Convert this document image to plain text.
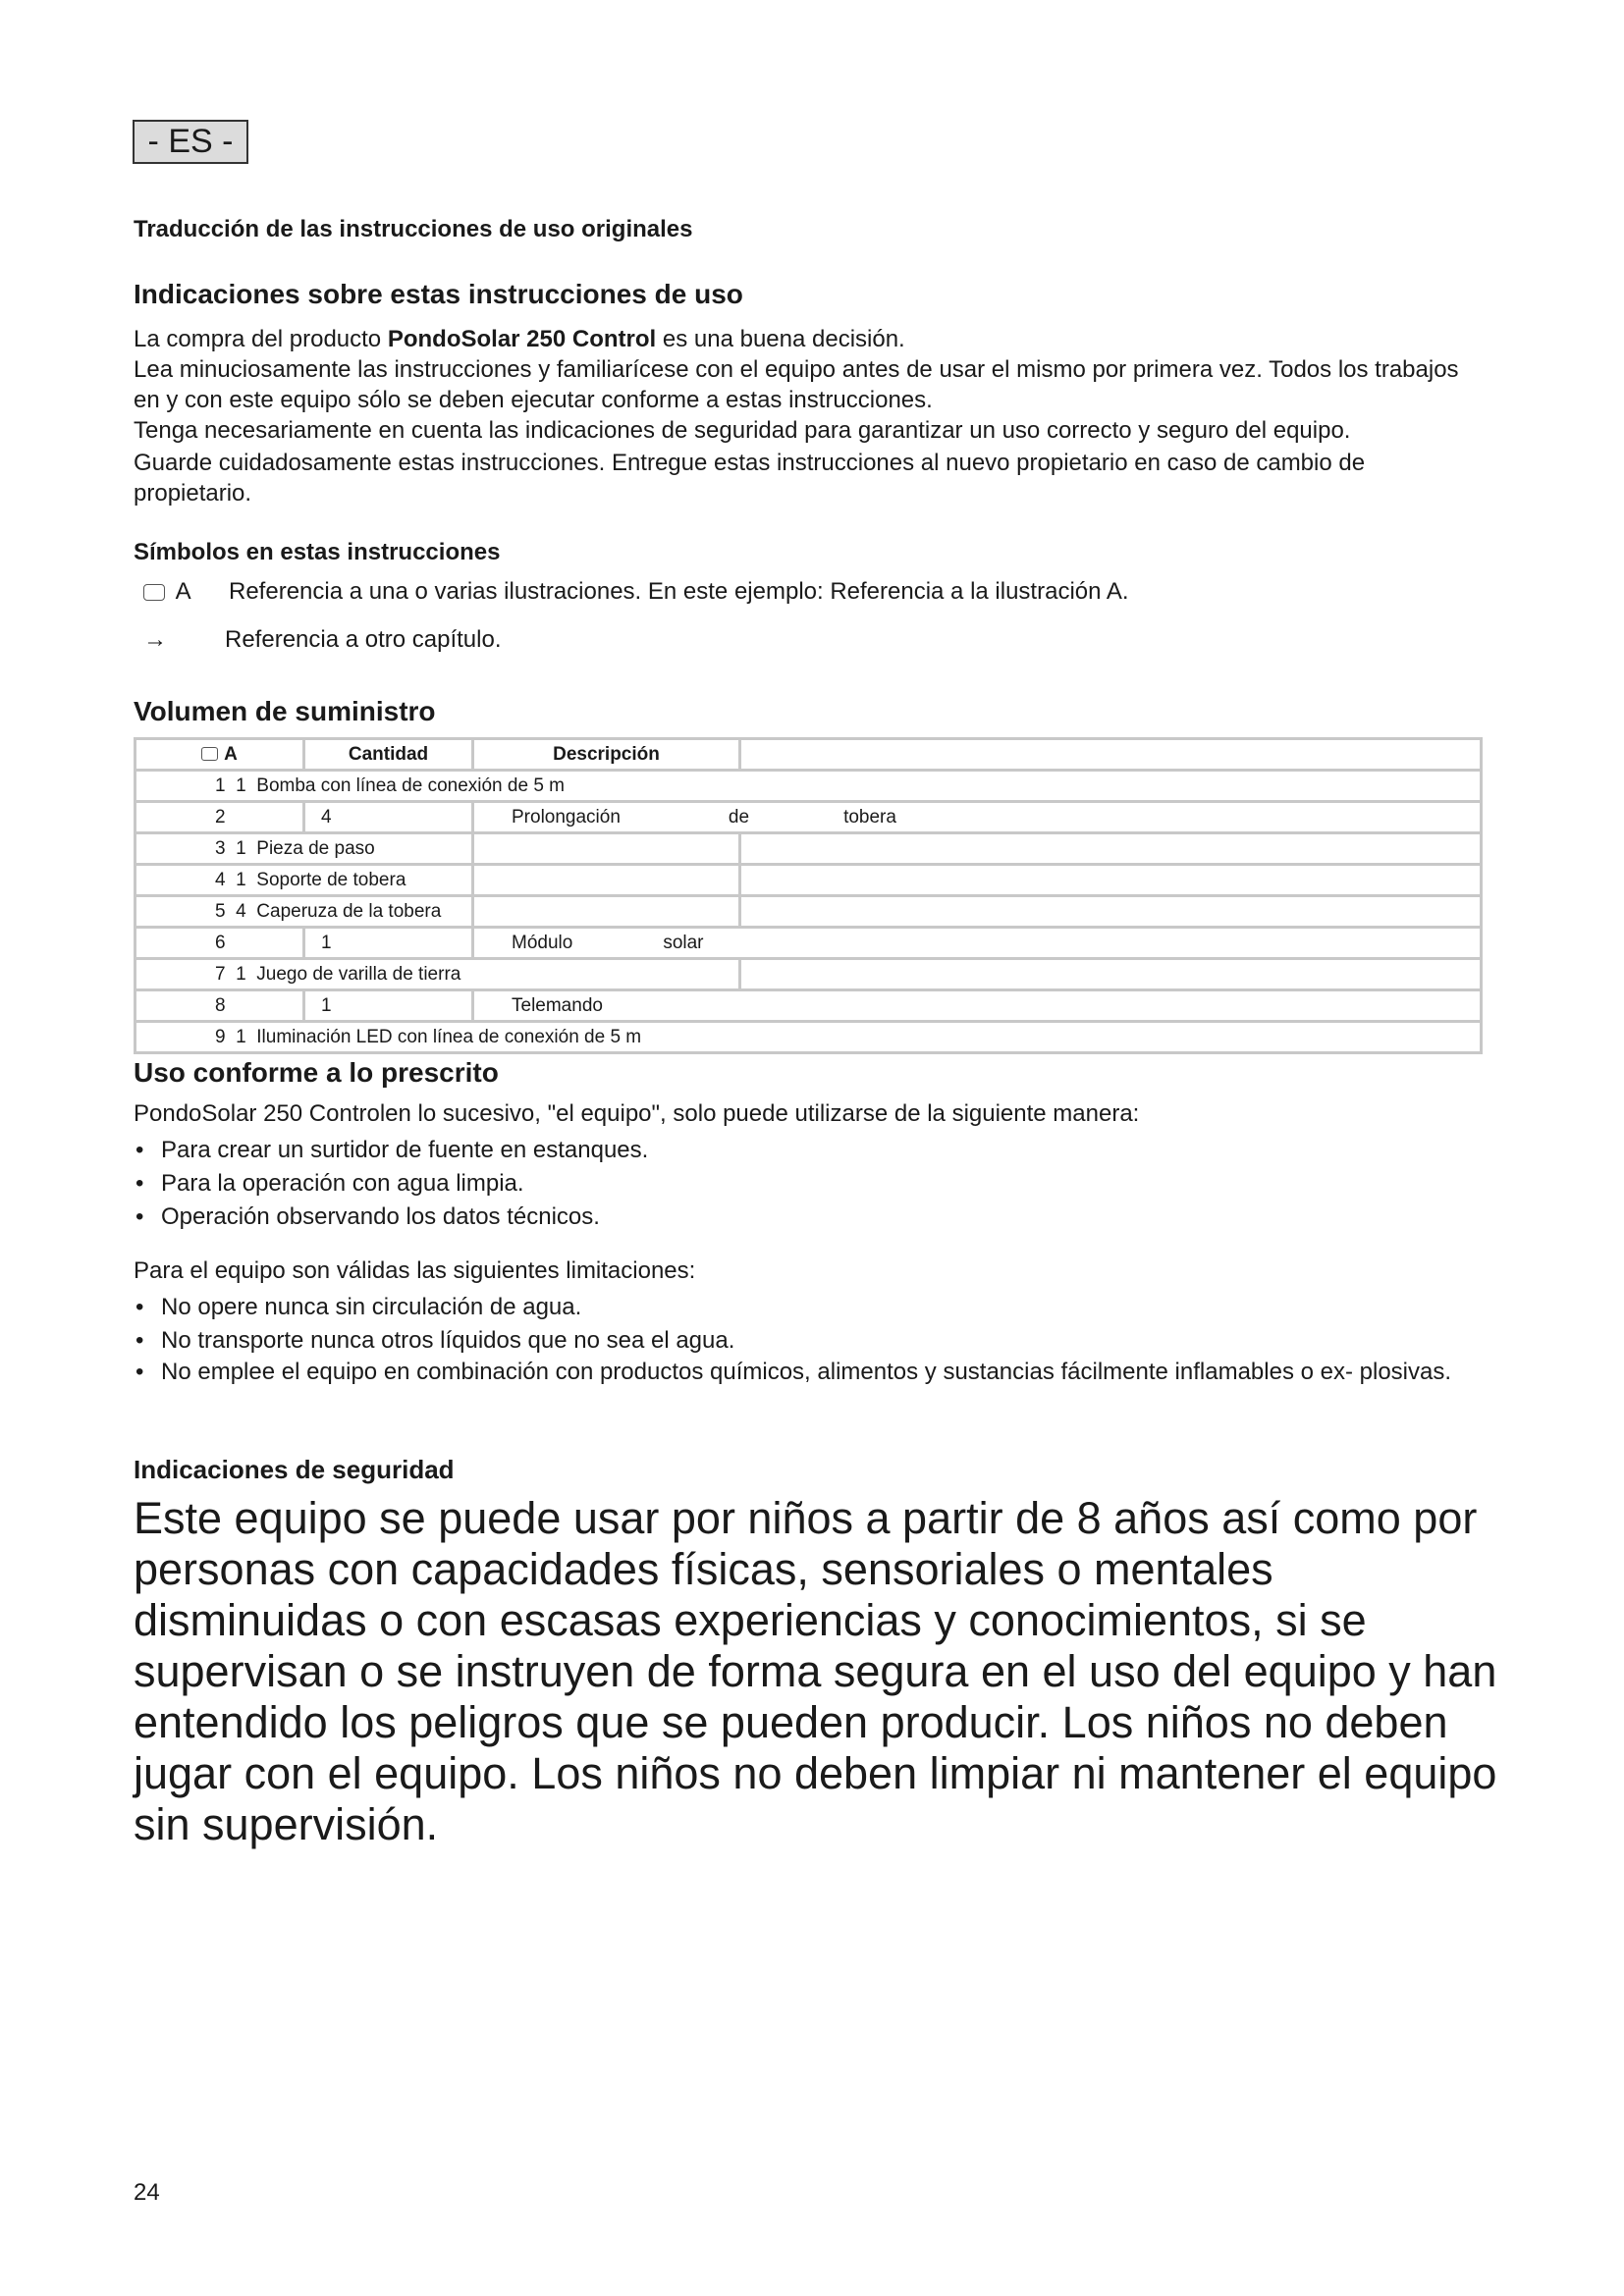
- ES -
Traducción de las instrucciones de uso originales
Indicaciones sobre estas instrucciones de uso

La compra del producto PondoSolar 250 Control es una buena decisión.

Lea minuciosamente las instrucciones y familiarícese con el equipo antes de usar el mismo por primera vez. Todos los trabajos en y con este equipo sólo se deben ejecutar conforme a estas instrucciones.

Tenga necesariamente en cuenta las indicaciones de seguridad para garantizar un uso correcto y seguro del equipo.

Guarde cuidadosamente estas instrucciones. Entregue estas instrucciones al nuevo propietario en caso de cambio de propietario.

Símbolos en estas instrucciones
A Referencia a una o varias ilustraciones. En este ejemplo: Referencia a la ilustración A.
→ Referencia a otro capítulo.
Volumen de suministro
A	Cantidad	Descripción	
1 1 Bomba con línea de conexión de 5 m			
2	4	Prolongación de tobera	
3 1 Pieza de paso			
4 1 Soporte de tobera			
5 4 Caperuza de la tobera			
6	1	Módulo solar	
7 1 Juego de varilla de tierra			
8	1	Telemando	
9 1 Iluminación LED con línea de conexión de 5 m			
Uso conforme a lo prescrito
PondoSolar 250 Controlen lo sucesivo, "el equipo", solo puede utilizarse de la siguiente manera:
• Para crear un surtidor de fuente en estanques.
• Para la operación con agua limpia.
• Operación observando los datos técnicos.
Para el equipo son válidas las siguientes limitaciones:
• No opere nunca sin circulación de agua.
• No transporte nunca otros líquidos que no sea el agua.
• No emplee el equipo en combinación con productos químicos, alimentos y sustancias fácilmente inflamables o ex- plosivas.
Indicaciones de seguridad
Este equipo se puede usar por niños a partir de 8 años así como por personas con capacidades físicas, sensoriales o mentales disminuidas o con escasas experiencias y conocimientos, si se supervisan o se instruyen de forma segura en el uso del equipo y han entendido los peligros que se pueden producir. Los niños no deben jugar con el equipo. Los niños no deben limpiar ni mantener el equipo sin supervisión.
24
